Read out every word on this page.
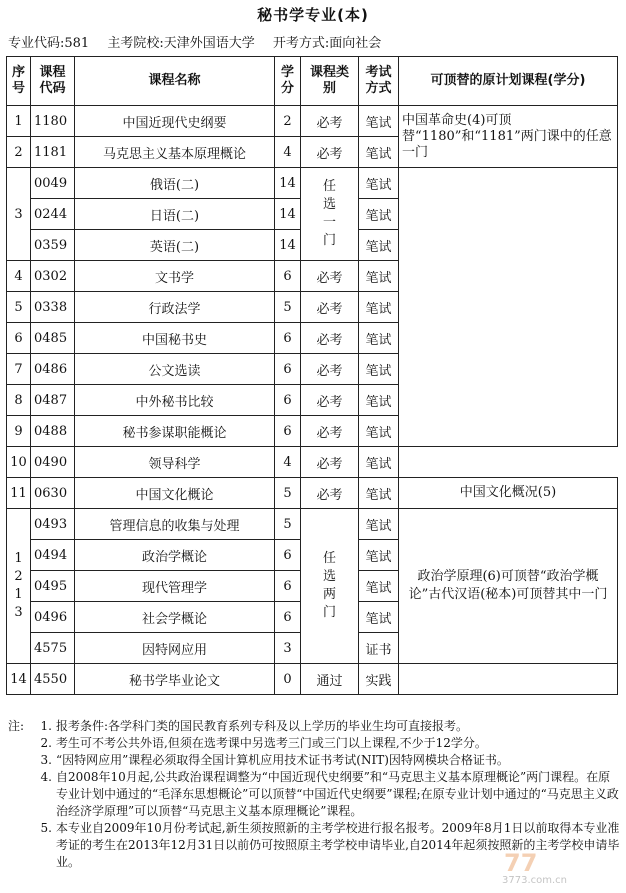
秘书学专业(本)
专业代码:581 主考院校:天津外国语大学 开考方式:面向社会
序号	课程代码	课程名称	学分	课程类别	考试方式	可顶替的原计划课程(学分)
1	1180	中国近现代史纲要	2	必考	笔试	中国革命史(4)可顶替“1180”和“1181”两门课中的任意一门
2	1181	马克思主义基本原理概论	4	必考	笔试	
3	0049	俄语(二)	14	任选一门	笔试	
	0244	日语(二)	14		笔试	
	0359	英语(二)	14		笔试	
4	0302	文书学	6	必考	笔试	
5	0338	行政法学	5	必考	笔试	
6	0485	中国秘书史	6	必考	笔试	
7	0486	公文选读	6	必考	笔试	
8	0487	中外秘书比较	6	必考	笔试	
9	0488	秘书参谋职能概论	6	必考	笔试	
10	0490	领导科学	4	必考	笔试	
11	0630	中国文化概论	5	必考	笔试	中国文化概况(5)

12 13	0493	管理信息的收集与处理	5	任选两门	笔试	政治学原理(6)可顶替“政治学概论”古代汉语(秘本)可顶替其中一门
	0494	政治学概论	6		笔试	
	0495	现代管理学	6		笔试	
	0496	社会学概论	6		笔试	
	4575	因特网应用	3		证书	
14	4550	秘书学毕业论文	0	通过	实践	
注:	1. 报考条件:各学科门类的国民教育系列专科及以上学历的毕业生均可直接报考。
2. 考生可不考公共外语,但须在选考课中另选考三门或三门以上课程,不少于12学分。
3. “因特网应用”课程必须取得全国计算机应用技术证书考试(NIT)因特网模块合格证书。
4. 自2008年10月起,公共政治课程调整为“中国近现代史纲要”和“马克思主义基本原理概论”两门课程。在原专业计划中通过的“毛泽东思想概论”可以顶替“中国近代史纲要”课程;在原专业计划中通过的“马克思主义政治经济学原理”可以顶替“马克思主义基本原理概论”课程。
5. 本专业自2009年10月份考试起,新生须按照新的主考学校进行报名报考。2009年8月1日以前取得本专业准考证的考生在2013年12月31日以前仍可按照原主考学校申请毕业,自2014年起须按照新的主考学校申请毕业。	77
3773.com.cn
